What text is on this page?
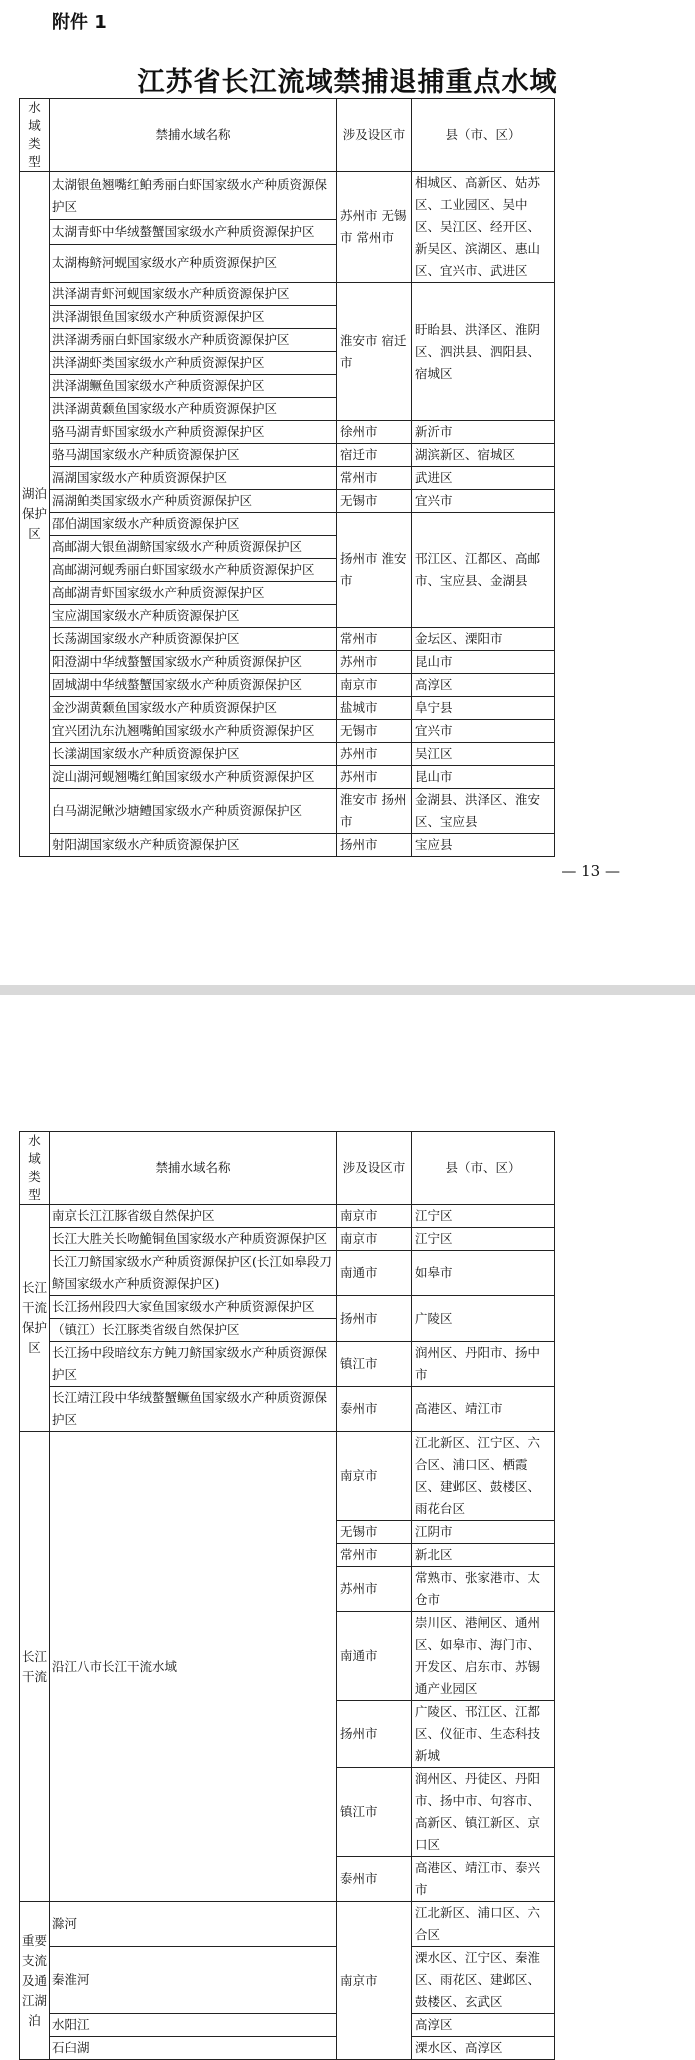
附件 1
江苏省长江流域禁捕退捕重点水域
水域类型	禁捕水域名称	涉及设区市	县（市、区）
湖泊保护区	太湖银鱼翘嘴红鲌秀丽白虾国家级水产种质资源保护区	苏州市 无锡市 常州市	相城区、高新区、姑苏区、工业园区、吴中区、吴江区、经开区、新吴区、滨湖区、惠山区、宜兴市、武进区
	太湖青虾中华绒螯蟹国家级水产种质资源保护区		
	太湖梅鲚河蚬国家级水产种质资源保护区		
	洪泽湖青虾河蚬国家级水产种质资源保护区	淮安市 宿迁市	盱眙县、洪泽区、淮阴区、泗洪县、泗阳县、宿城区
	洪泽湖银鱼国家级水产种质资源保护区		
	洪泽湖秀丽白虾国家级水产种质资源保护区		
	洪泽湖虾类国家级水产种质资源保护区		
	洪泽湖鳜鱼国家级水产种质资源保护区		
	洪泽湖黄颡鱼国家级水产种质资源保护区		
	骆马湖青虾国家级水产种质资源保护区	徐州市	新沂市
	骆马湖国家级水产种质资源保护区	宿迁市	湖滨新区、宿城区
	滆湖国家级水产种质资源保护区	常州市	武进区
	滆湖鲌类国家级水产种质资源保护区	无锡市	宜兴市
	邵伯湖国家级水产种质资源保护区	扬州市 淮安市	邗江区、江都区、高邮市、宝应县、金湖县
	高邮湖大银鱼湖鲚国家级水产种质资源保护区		
	高邮湖河蚬秀丽白虾国家级水产种质资源保护区		
	高邮湖青虾国家级水产种质资源保护区		
	宝应湖国家级水产种质资源保护区		
	长荡湖国家级水产种质资源保护区	常州市	金坛区、溧阳市
	阳澄湖中华绒螯蟹国家级水产种质资源保护区	苏州市	昆山市
	固城湖中华绒螯蟹国家级水产种质资源保护区	南京市	高淳区
	金沙湖黄颡鱼国家级水产种质资源保护区	盐城市	阜宁县
	宜兴团氿东氿翘嘴鲌国家级水产种质资源保护区	无锡市	宜兴市
	长漾湖国家级水产种质资源保护区	苏州市	吴江区
	淀山湖河蚬翘嘴红鲌国家级水产种质资源保护区	苏州市	昆山市
	白马湖泥鳅沙塘鳢国家级水产种质资源保护区	淮安市 扬州市	金湖县、洪泽区、淮安区、宝应县
	射阳湖国家级水产种质资源保护区	扬州市	宝应县
— 13 —
水域类型	禁捕水域名称	涉及设区市	县（市、区）
长江干流保护区	南京长江江豚省级自然保护区	南京市	江宁区
	长江大胜关长吻鮠铜鱼国家级水产种质资源保护区	南京市	江宁区
	长江刀鲚国家级水产种质资源保护区(长江如皋段刀鲚国家级水产种质资源保护区)	南通市	如皋市
	长江扬州段四大家鱼国家级水产种质资源保护区	扬州市	广陵区
	（镇江）长江豚类省级自然保护区		
	长江扬中段暗纹东方鲀刀鲚国家级水产种质资源保护区	镇江市	润州区、丹阳市、扬中市
	长江靖江段中华绒螯蟹鳜鱼国家级水产种质资源保护区	泰州市	高港区、靖江市
长江干流	沿江八市长江干流水域	南京市	江北新区、江宁区、六合区、浦口区、栖霞区、建邺区、鼓楼区、雨花台区
		无锡市	江阴市
		常州市	新北区
		苏州市	常熟市、张家港市、太仓市
		南通市	崇川区、港闸区、通州区、如皋市、海门市、开发区、启东市、苏锡通产业园区
		扬州市	广陵区、邗江区、江都区、仪征市、生态科技新城
		镇江市	润州区、丹徒区、丹阳市、扬中市、句容市、高新区、镇江新区、京口区
		泰州市	高港区、靖江市、泰兴市
重要支流及通江湖泊	滁河	南京市	江北新区、浦口区、六合区
	秦淮河		溧水区、江宁区、秦淮区、雨花区、建邺区、鼓楼区、玄武区
	水阳江		高淳区
	石臼湖		溧水区、高淳区
